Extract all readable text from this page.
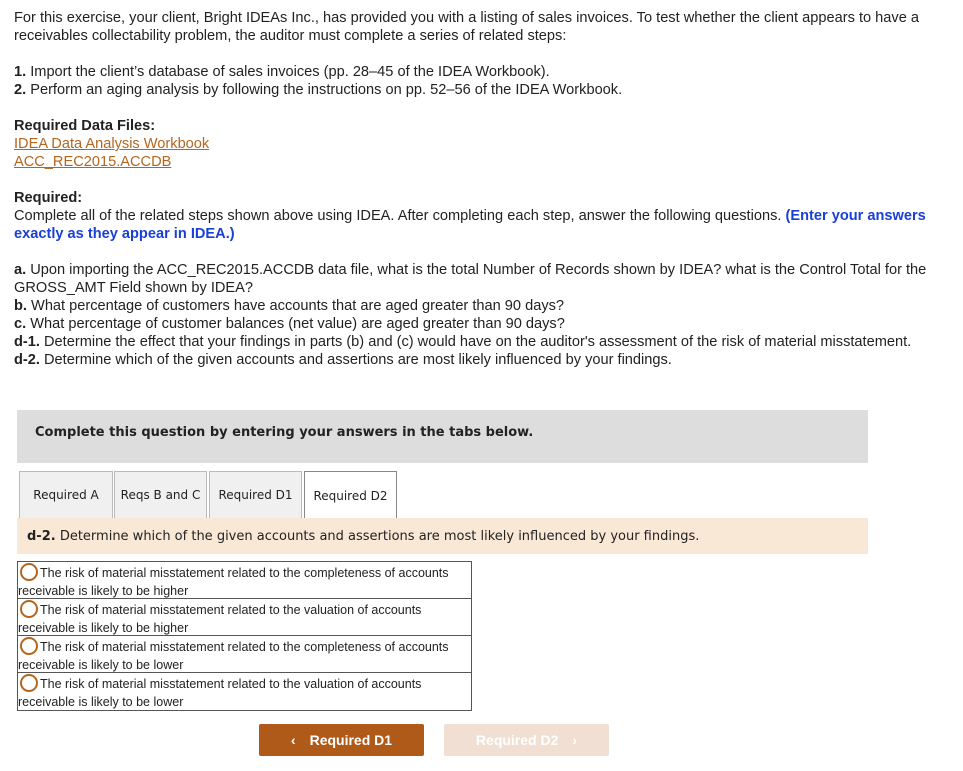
For this exercise, your client, Bright IDEAs Inc., has provided you with a listing of sales invoices. To test whether the client appears to have a receivables collectability problem, the auditor must complete a series of related steps:

1. Import the client’s database of sales invoices (pp. 28–45 of the IDEA Workbook).

2. Perform an aging analysis by following the instructions on pp. 52–56 of the IDEA Workbook.

Required Data Files:

IDEA Data Analysis Workbook

ACC_REC2015.ACCDB

Required:

Complete all of the related steps shown above using IDEA. After completing each step, answer the following questions. (Enter your answers exactly as they appear in IDEA.)

a. Upon importing the ACC_REC2015.ACCDB data file, what is the total Number of Records shown by IDEA? what is the Control Total for the GROSS_AMT Field shown by IDEA?

b. What percentage of customers have accounts that are aged greater than 90 days?

c. What percentage of customer balances (net value) are aged greater than 90 days?

d-1. Determine the effect that your findings in parts (b) and (c) would have on the auditor's assessment of the risk of material misstatement.

d-2. Determine which of the given accounts and assertions are most likely influenced by your findings.

Complete this question by entering your answers in the tabs below.
Required A	Reqs B and C	Required D1	Required D2
d-2. Determine which of the given accounts and assertions are most likely influenced by your findings.
The risk of material misstatement related to the completeness of accounts receivable is likely to be higher
The risk of material misstatement related to the valuation of accounts receivable is likely to be higher
The risk of material misstatement related to the completeness of accounts receivable is likely to be lower
The risk of material misstatement related to the valuation of accounts receivable is likely to be lower
‹ Required D1	Required D2 ›
